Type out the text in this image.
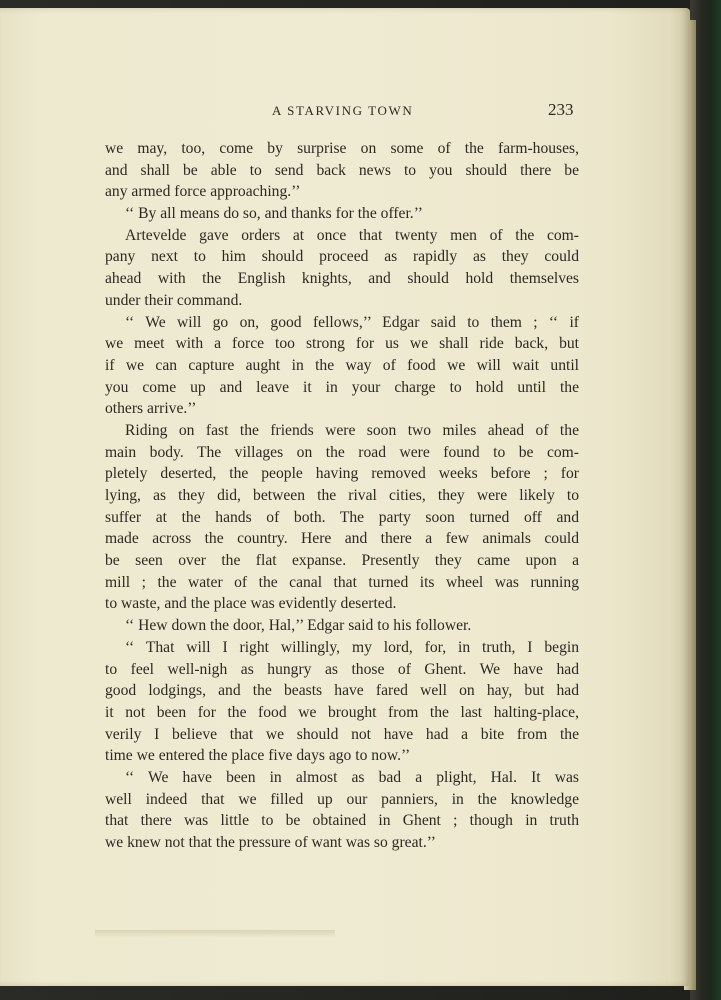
A STARVING TOWN	233
we may, too, come by surprise on some of the farm-houses,
and shall be able to send back news to you should there be
any armed force approaching.’’
‘‘ By all means do so, and thanks for the offer.’’
Artevelde gave orders at once that twenty men of the com-
pany next to him should proceed as rapidly as they could
ahead with the English knights, and should hold themselves
under their command.
‘‘ We will go on, good fellows,’’ Edgar said to them ; ‘‘ if
we meet with a force too strong for us we shall ride back, but
if we can capture aught in the way of food we will wait until
you come up and leave it in your charge to hold until the
others arrive.’’
Riding on fast the friends were soon two miles ahead of the
main body. The villages on the road were found to be com-
pletely deserted, the people having removed weeks before ; for
lying, as they did, between the rival cities, they were likely to
suffer at the hands of both. The party soon turned off and
made across the country. Here and there a few animals could
be seen over the flat expanse. Presently they came upon a
mill ; the water of the canal that turned its wheel was running
to waste, and the place was evidently deserted.
‘‘ Hew down the door, Hal,’’ Edgar said to his follower.
‘‘ That will I right willingly, my lord, for, in truth, I begin
to feel well-nigh as hungry as those of Ghent. We have had
good lodgings, and the beasts have fared well on hay, but had
it not been for the food we brought from the last halting-place,
verily I believe that we should not have had a bite from the
time we entered the place five days ago to now.’’
‘‘ We have been in almost as bad a plight, Hal. It was
well indeed that we filled up our panniers, in the knowledge
that there was little to be obtained in Ghent ; though in truth
we knew not that the pressure of want was so great.’’
